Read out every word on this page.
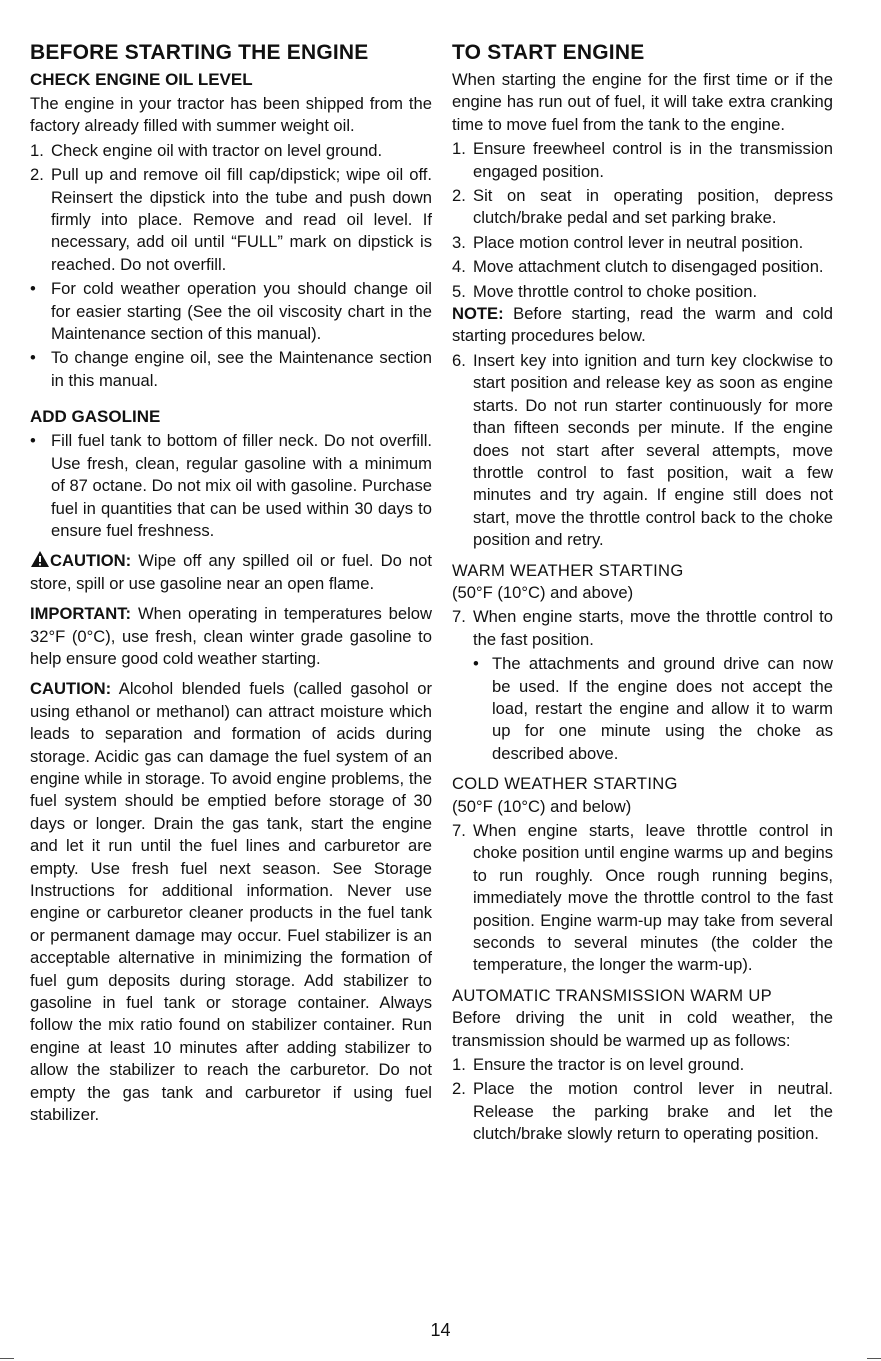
BEFORE STARTING THE ENGINE
CHECK ENGINE OIL LEVEL

The engine in your tractor has been shipped from the factory already filled with summer weight oil.

1. Check engine oil with tractor on level ground.
2. Pull up and remove oil fill cap/dipstick; wipe oil off. Reinsert the dipstick into the tube and push down firmly into place. Remove and read oil level. If necessary, add oil until “FULL” mark on dipstick is reached. Do not overfill.
• For cold weather operation you should change oil for easier starting (See the oil viscosity chart in the Maintenance section of this manual).
• To change engine oil, see the Maintenance section in this manual.
ADD GASOLINE
• Fill fuel tank to bottom of filler neck. Do not overfill. Use fresh, clean, regular gasoline with a minimum of 87 octane. Do not mix oil with gasoline. Purchase fuel in quantities that can be used within 30 days to ensure fuel freshness.

CAUTION: Wipe off any spilled oil or fuel. Do not store, spill or use gasoline near an open flame.

IMPORTANT: When operating in temperatures below 32°F (0°C), use fresh, clean winter grade gasoline to help ensure good cold weather starting.

CAUTION: Alcohol blended fuels (called gasohol or using ethanol or methanol) can attract moisture which leads to separation and formation of acids during storage. Acidic gas can damage the fuel system of an engine while in storage. To avoid engine problems, the fuel system should be emptied before storage of 30 days or longer. Drain the gas tank, start the engine and let it run until the fuel lines and carburetor are empty. Use fresh fuel next season. See Storage Instructions for additional information. Never use engine or carburetor cleaner products in the fuel tank or permanent damage may occur. Fuel stabilizer is an acceptable alternative in minimizing the formation of fuel gum deposits during storage. Add stabilizer to gasoline in fuel tank or storage container. Always follow the mix ratio found on stabilizer container. Run engine at least 10 minutes after adding stabilizer to allow the stabilizer to reach the carburetor. Do not empty the gas tank and carburetor if using fuel stabilizer.

TO START ENGINE

When starting the engine for the first time or if the engine has run out of fuel, it will take extra cranking time to move fuel from the tank to the engine.

1. Ensure freewheel control is in the transmission engaged position.
2. Sit on seat in operating position, depress clutch/brake pedal and set parking brake.
3. Place motion control lever in neutral position.
4. Move attachment clutch to disengaged position.
5. Move throttle control to choke position.

NOTE: Before starting, read the warm and cold starting procedures below.

6. Insert key into ignition and turn key clockwise to start position and release key as soon as engine starts. Do not run starter continuously for more than fifteen seconds per minute. If the engine does not start after several attempts, move throttle control to fast position, wait a few minutes and try again. If engine still does not start, move the throttle control back to the choke position and retry.

WARM WEATHER STARTING

(50°F (10°C) and above)

7. When engine starts, move the throttle control to the fast position.
• The attachments and ground drive can now be used. If the engine does not accept the load, restart the engine and allow it to warm up for one minute using the choke as described above.

COLD WEATHER STARTING

(50°F (10°C) and below)

7. When engine starts, leave throttle control in choke position until engine warms up and begins to run roughly. Once rough running begins, immediately move the throttle control to the fast position. Engine warm-up may take from several seconds to several minutes (the colder the temperature, the longer the warm-up).

AUTOMATIC TRANSMISSION WARM UP

Before driving the unit in cold weather, the transmission should be warmed up as follows:

1. Ensure the tractor is on level ground.
2. Place the motion control lever in neutral. Release the parking brake and let the clutch/brake slowly return to operating position.
14
